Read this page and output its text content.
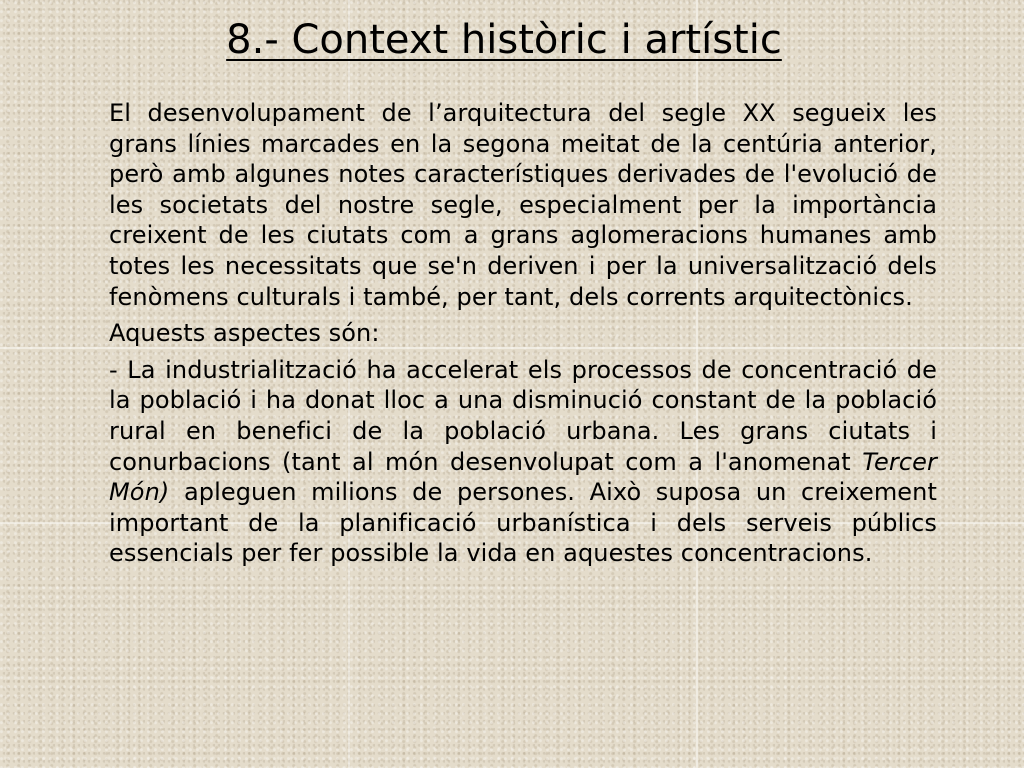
8.- Context històric i artístic

El desenvolupament de l’arquitectura del segle XX segueix les grans línies marcades en la segona meitat de la centúria anterior, però amb algunes notes característiques derivades de l'evolució de les societats del nostre segle, especialment per la importància creixent de les ciutats com a grans aglomeracions humanes amb totes les necessitats que se'n deriven i per la universalització dels fenòmens culturals i també, per tant, dels corrents arquitectònics.

Aquests aspectes són:

- La industrialització ha accelerat els processos de concentració de la població i ha donat lloc a una disminució constant de la població rural en benefici de la població urbana. Les grans ciutats i conurbacions (tant al món desenvolupat com a l'anomenat Tercer Món) apleguen milions de persones. Això suposa un creixement important de la planificació urbanística i dels serveis públics essencials per fer possible la vida en aquestes concentracions.
